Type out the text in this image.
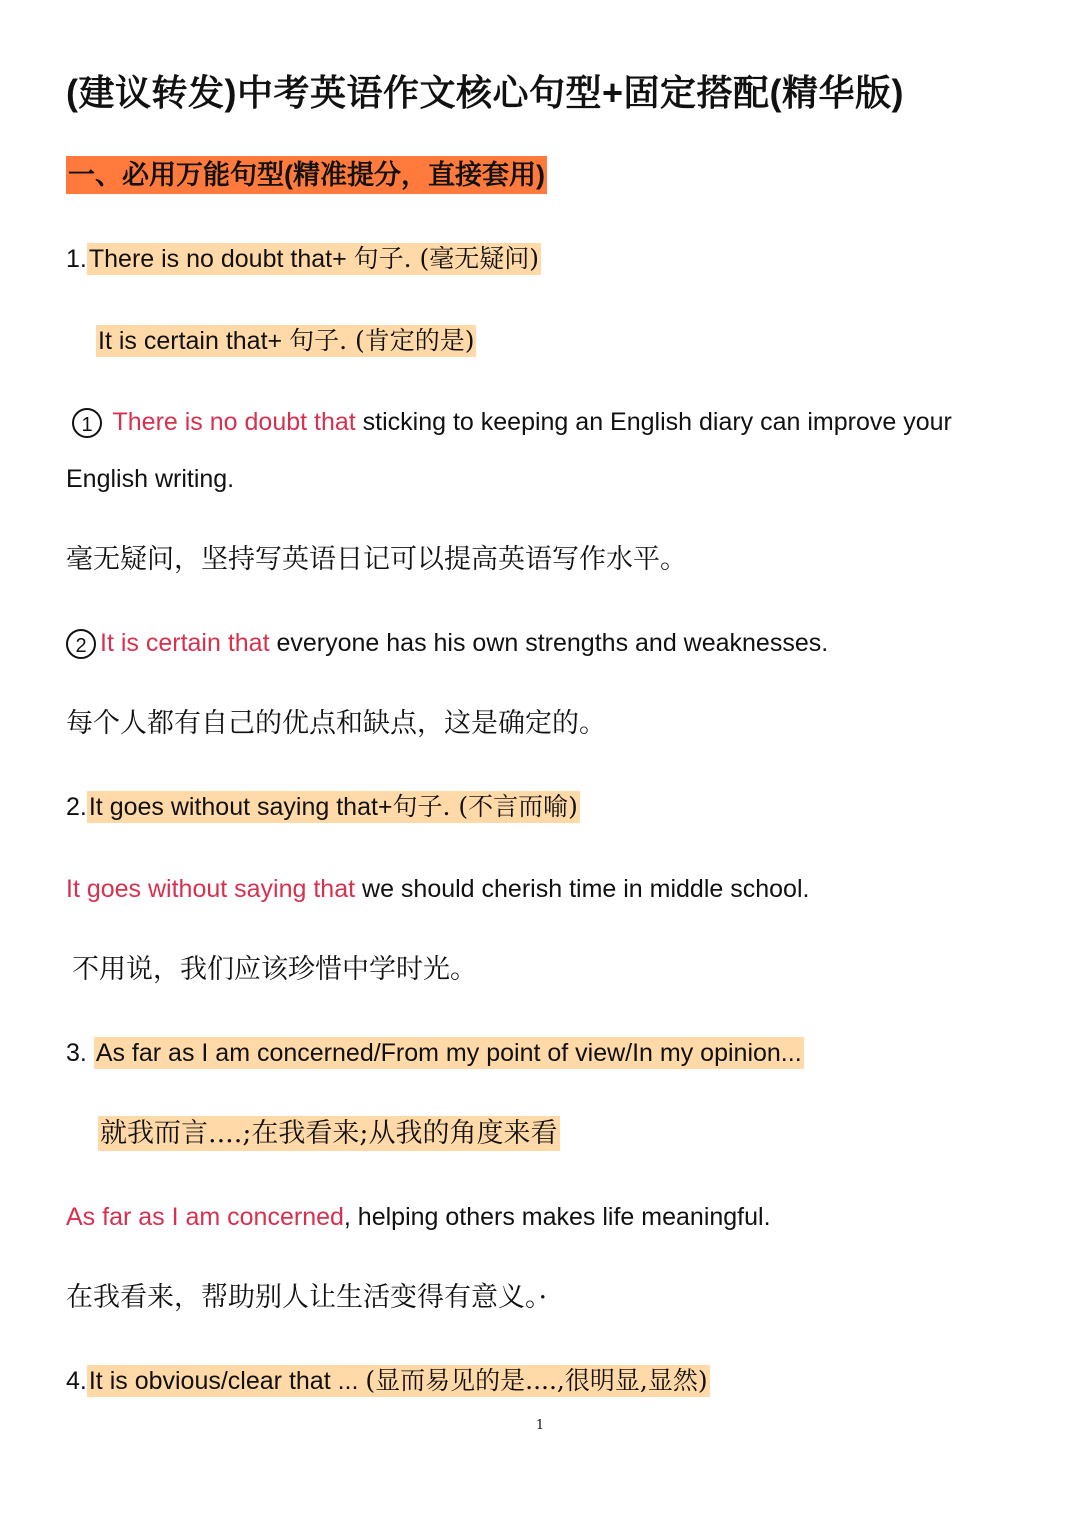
(建议转发)中考英语作文核心句型+固定搭配(精华版)
一、必用万能句型(精准提分，直接套用)
1.There is no doubt that+ 句子. (毫无疑问)
It is certain that+ 句子. (肯定的是)
1 There is no doubt that sticking to keeping an English diary can improve your
English writing.
毫无疑问，坚持写英语日记可以提高英语写作水平。
2 It is certain that everyone has his own strengths and weaknesses.
每个人都有自己的优点和缺点，这是确定的。
2.It goes without saying that+句子. (不言而喻)
It goes without saying that we should cherish time in middle school.
不用说，我们应该珍惜中学时光。
3. As far as I am concerned/From my point of view/In my opinion...
就我而言....;在我看来;从我的角度来看
As far as I am concerned, helping others makes life meaningful.
在我看来，帮助别人让生活变得有意义。·
4.It is obvious/clear that ... (显而易见的是....,很明显,显然)
1
